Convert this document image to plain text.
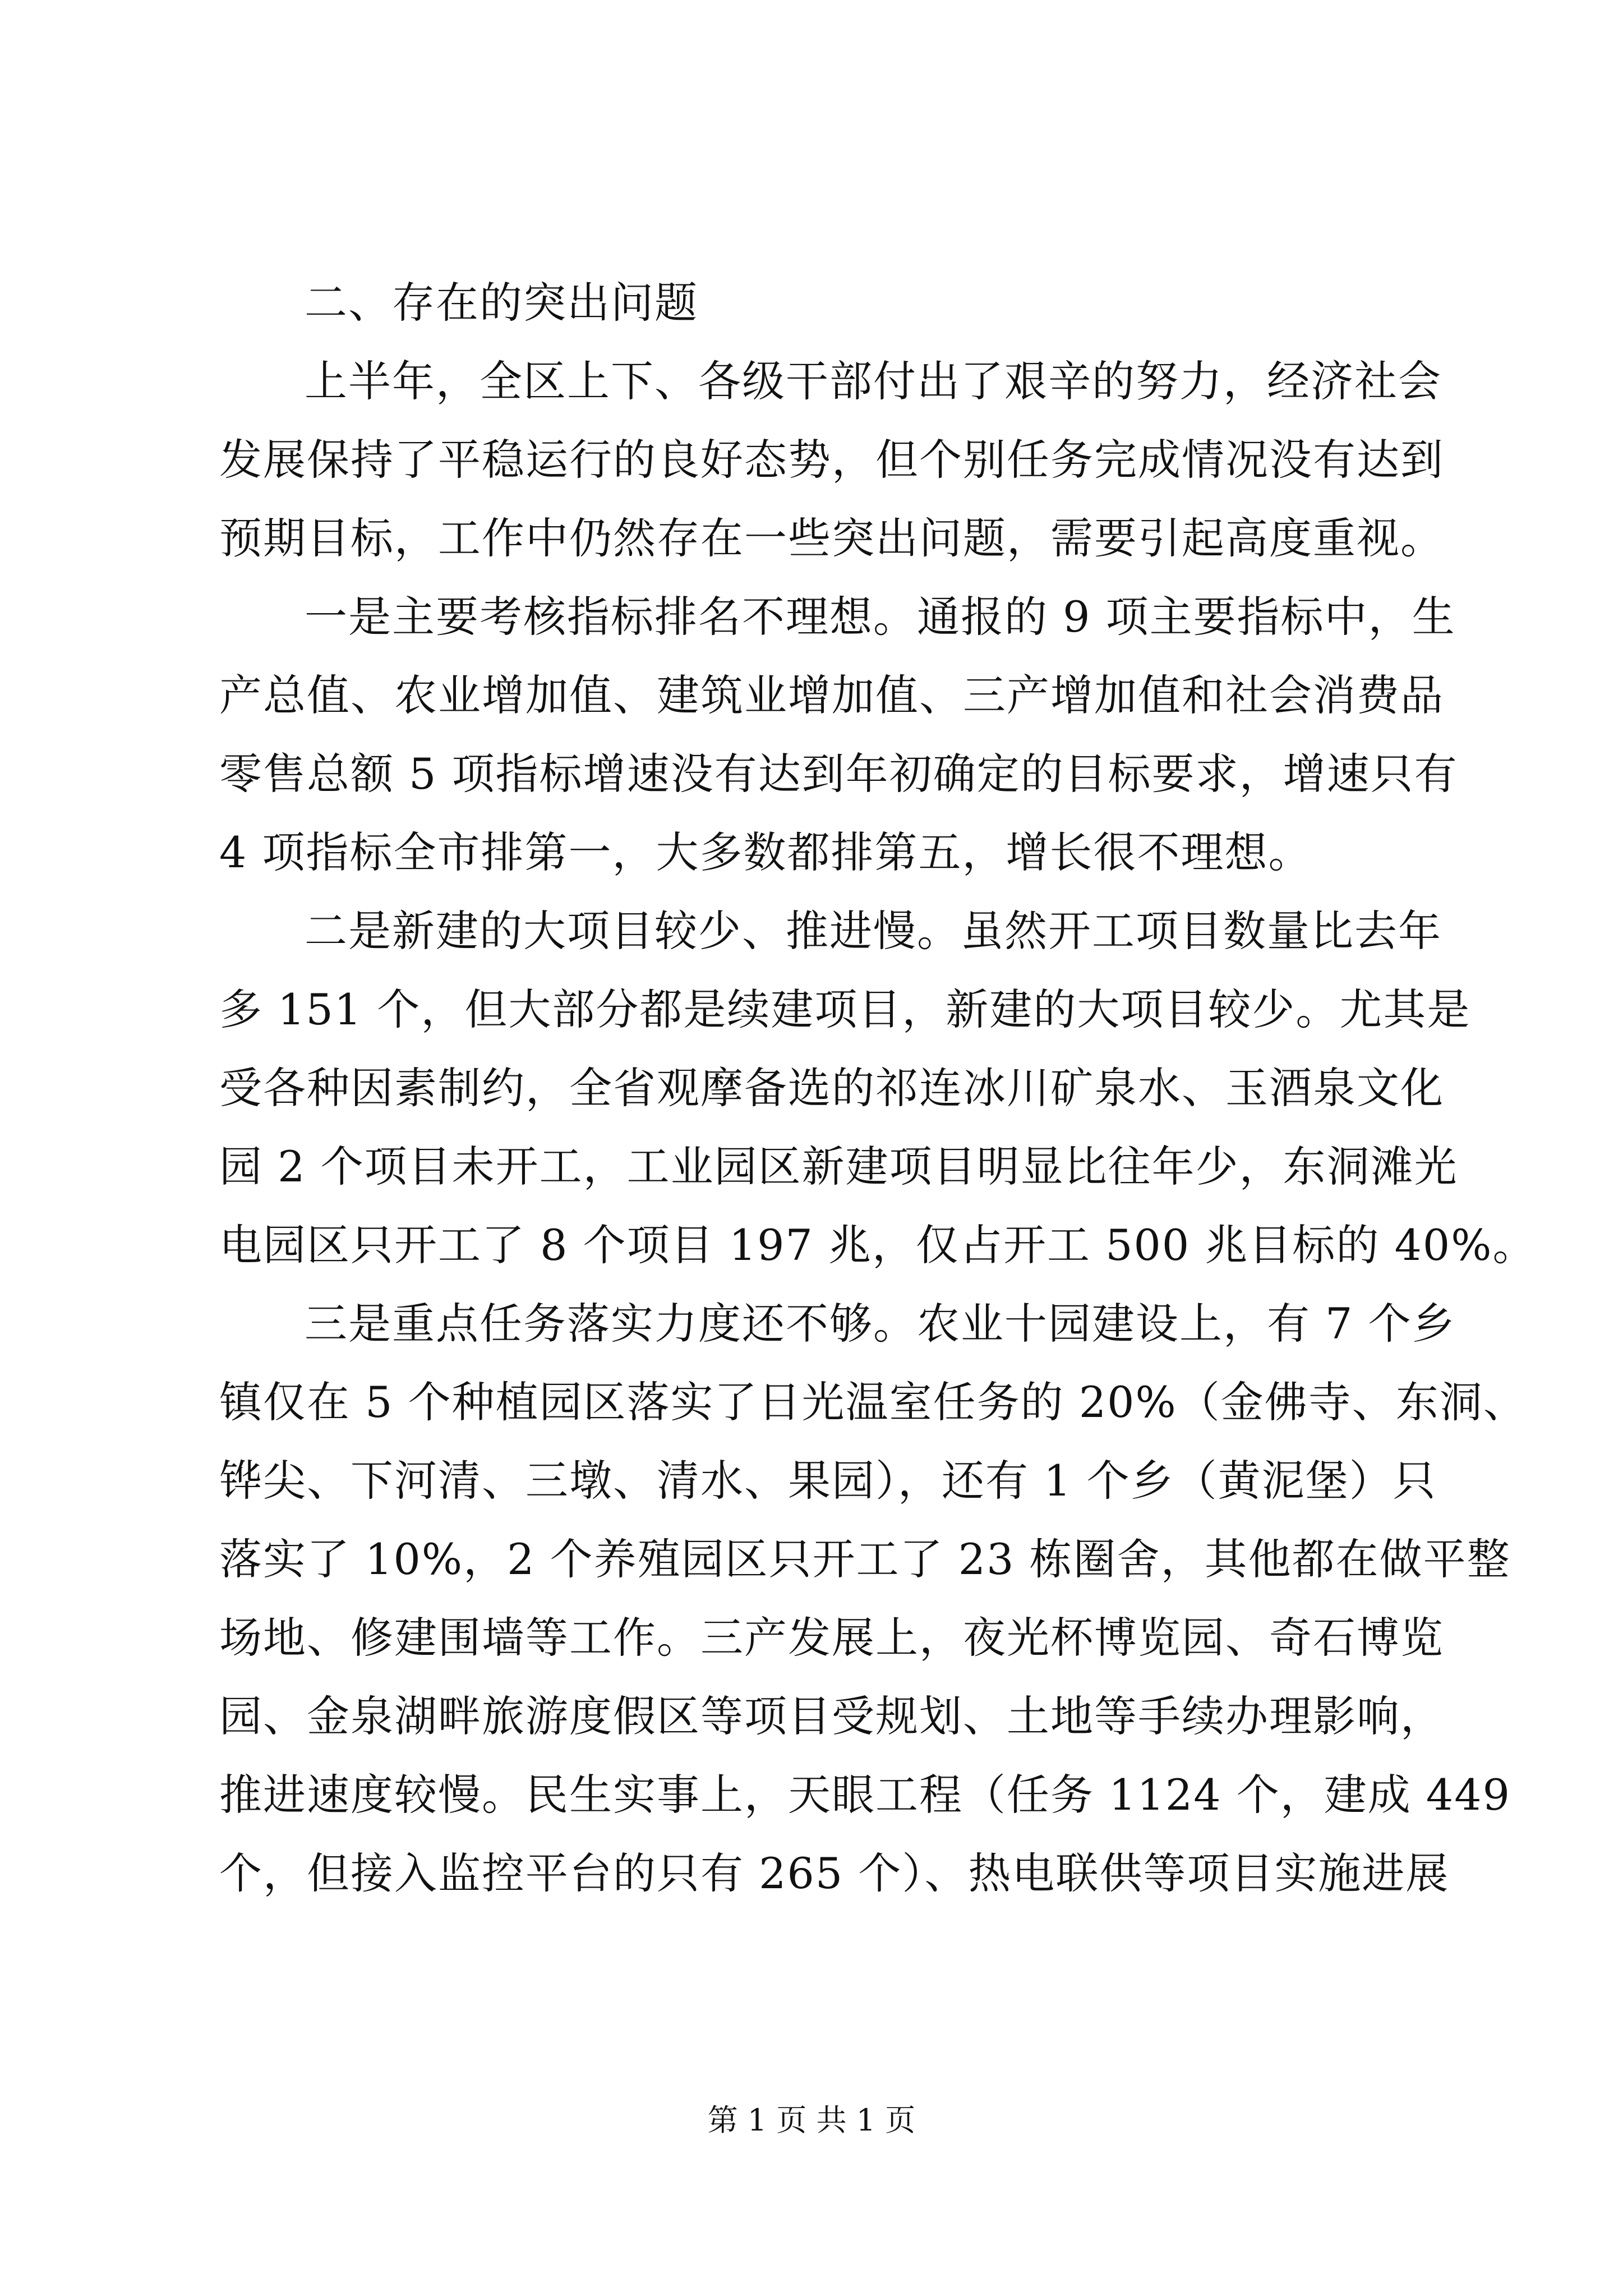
二、存在的突出问题
上半年，全区上下、各级干部付出了艰辛的努力，经济社会
发展保持了平稳运行的良好态势，但个别任务完成情况没有达到
预期目标，工作中仍然存在一些突出问题，需要引起高度重视。
一是主要考核指标排名不理想。通报的 9 项主要指标中，生
产总值、农业增加值、建筑业增加值、三产增加值和社会消费品
零售总额 5 项指标增速没有达到年初确定的目标要求，增速只有
4 项指标全市排第一，大多数都排第五，增长很不理想。
二是新建的大项目较少、推进慢。虽然开工项目数量比去年
多 151 个，但大部分都是续建项目，新建的大项目较少。尤其是
受各种因素制约，全省观摩备选的祁连冰川矿泉水、玉酒泉文化
园 2 个项目未开工，工业园区新建项目明显比往年少，东洞滩光
电园区只开工了 8 个项目 197 兆，仅占开工 500 兆目标的 40%。
三是重点任务落实力度还不够。农业十园建设上，有 7 个乡
镇仅在 5 个种植园区落实了日光温室任务的 20%（金佛寺、东洞、
铧尖、下河清、三墩、清水、果园），还有 1 个乡（黄泥堡）只
落实了 10%，2 个养殖园区只开工了 23 栋圈舍，其他都在做平整
场地、修建围墙等工作。三产发展上，夜光杯博览园、奇石博览
园、金泉湖畔旅游度假区等项目受规划、土地等手续办理影响，
推进速度较慢。民生实事上，天眼工程（任务 1124 个，建成 449
个，但接入监控平台的只有 265 个）、热电联供等项目实施进展
第 1 页 共 1 页
